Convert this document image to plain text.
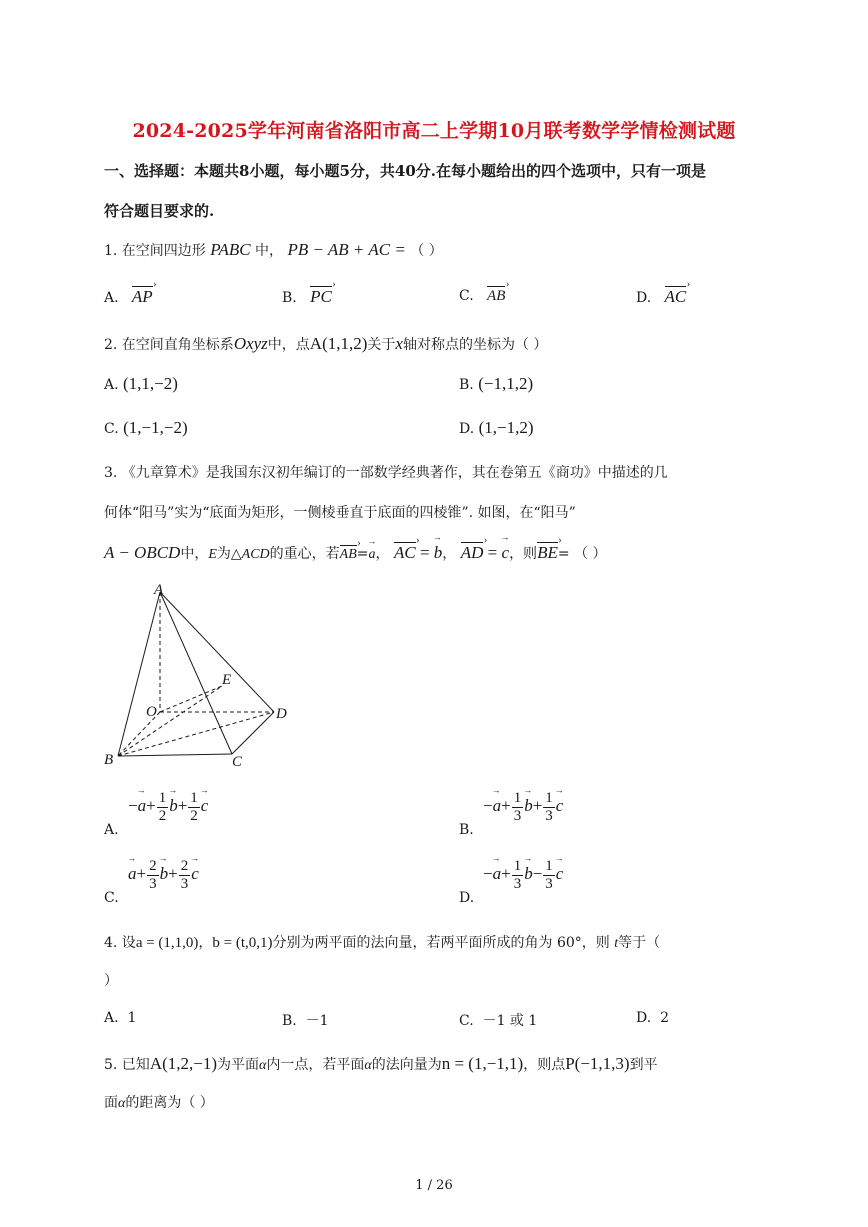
2024-2025学年河南省洛阳市高二上学期10月联考数学学情检测试题
一、选择题：本题共8小题，每小题5分，共40分.在每小题给出的四个选项中，只有一项是
符合题目要求的.
1. 在空间四边形 PABC 中， PB − AB + AC = （ ）
A. AP ›	B. PC ›	C. AB ›	D. AC ›
2. 在空间直角坐标系Oxyz中，点A(1,1,2)关于x轴对称点的坐标为（ ）
A. (1,1,−2)	B. (−1,1,2)
C. (1,−1,−2)	D. (1,−1,2)
3. 《九章算术》是我国东汉初年编订的一部数学经典著作，其在卷第五《商功》中描述的几
何体“阳马”实为“底面为矩形，一侧棱垂直于底面的四棱锥”. 如图，在“阳马”
A − OBCD中，E为△ACD的重心，若AB ›=→ a， AC › = → b， AD › = → c，则BE ›= （ ）
A
E
O	D
B	C
A.
−→ $a+ \frac{1}{2}$
→ $b+ \frac{1}{2}$
→ c
B.
−→ $a+ \frac{1}{3}$
→ $b+ \frac{1}{3}$
→ c
C.
→ $a+ \frac{2}{3}$
→ $b+ \frac{2}{3}$
→ c
D.
−→ $a+ \frac{1}{3}$
→ $b- \frac{1}{3}$
→ c
4. 设a = (1,1,0)，b = (t,0,1)分别为两平面的法向量，若两平面所成的角为 60°，则 t等于（
）
A. 1	B. －1	C. －1 或 1	D. 2
5. 已知A(1,2,−1)为平面α内一点，若平面α的法向量为n = (1,−1,1)，则点P(−1,1,3)到平
面α的距离为（ ）
1 / 26
